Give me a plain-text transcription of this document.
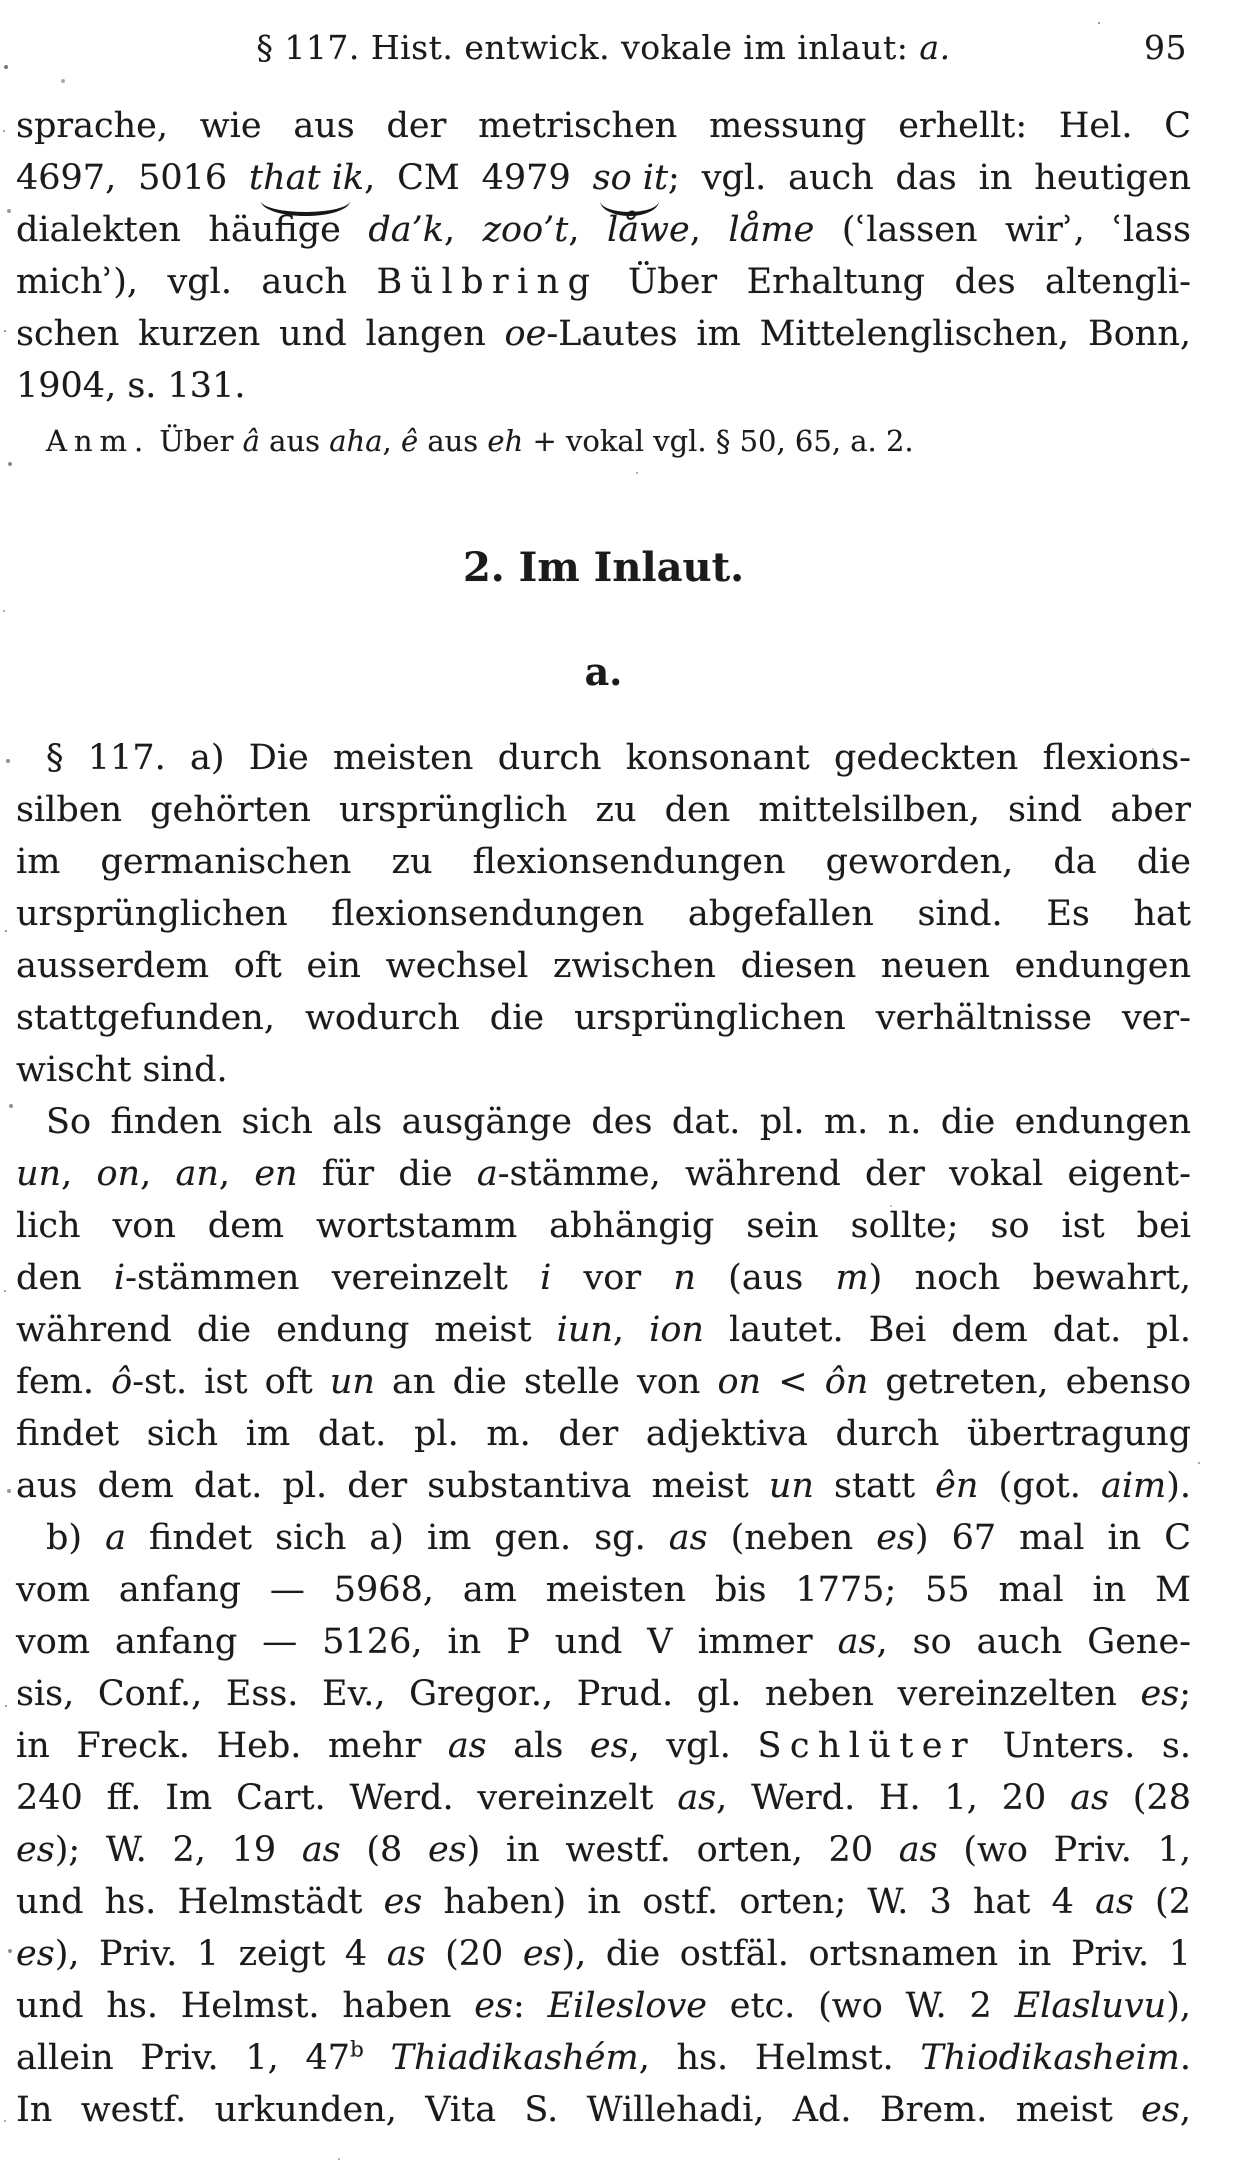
§ 117. Hist. entwick. vokale im inlaut: a.	95
sprache, wie aus der metrischen messung erhellt: Hel. C
4697, 5016 that ik, CM 4979 so it; vgl. auch das in heutigen
dialekten häufige da’k, zoo’t, låwe, låme (ʿlassen wirʾ, ʿlass
michʾ), vgl. auch Bülbring Über Erhaltung des altengli-
schen kurzen und langen oe-Lautes im Mittelenglischen, Bonn,
1904, s. 131.
Anm. Über â aus aha, ê aus eh + vokal vgl. § 50, 65, a. 2.
2. Im Inlaut.
a.
§ 117. a) Die meisten durch konsonant gedeckten flexions-
silben gehörten ursprünglich zu den mittelsilben, sind aber
im germanischen zu flexionsendungen geworden, da die
ursprünglichen flexionsendungen abgefallen sind. Es hat
ausserdem oft ein wechsel zwischen diesen neuen endungen
stattgefunden, wodurch die ursprünglichen verhältnisse ver-
wischt sind.
So finden sich als ausgänge des dat. pl. m. n. die endungen
un, on, an, en für die a-stämme, während der vokal eigent-
lich von dem wortstamm abhängig sein sollte; so ist bei
den i-stämmen vereinzelt i vor n (aus m) noch bewahrt,
während die endung meist iun, ion lautet. Bei dem dat. pl.
fem. ô-st. ist oft un an die stelle von on < ôn getreten, ebenso
findet sich im dat. pl. m. der adjektiva durch übertragung
aus dem dat. pl. der substantiva meist un statt ên (got. aim).
b) a findet sich a) im gen. sg. as (neben es) 67 mal in C
vom anfang — 5968, am meisten bis 1775; 55 mal in M
vom anfang — 5126, in P und V immer as, so auch Gene-
sis, Conf., Ess. Ev., Gregor., Prud. gl. neben vereinzelten es;
in Freck. Heb. mehr as als es, vgl. Schlüter Unters. s.
240 ff. Im Cart. Werd. vereinzelt as, Werd. H. 1, 20 as (28
es); W. 2, 19 as (8 es) in westf. orten, 20 as (wo Priv. 1,
und hs. Helmstädt es haben) in ostf. orten; W. 3 hat 4 as (2
es), Priv. 1 zeigt 4 as (20 es), die ostfäl. ortsnamen in Priv. 1
und hs. Helmst. haben es: Eileslove etc. (wo W. 2 Elasluvu),
allein Priv. 1, 47$^b$ Thiadikashém, hs. Helmst. Thiodikasheim.
In westf. urkunden, Vita S. Willehadi, Ad. Brem. meist es,
